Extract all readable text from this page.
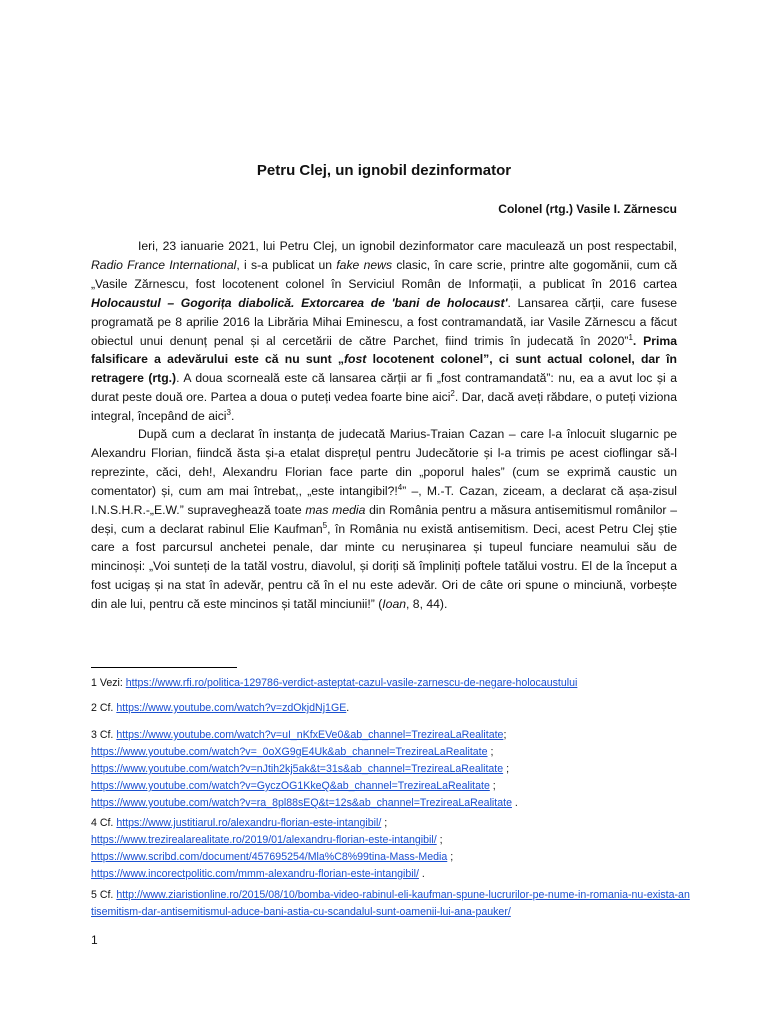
Petru Clej, un ignobil dezinformator
Colonel (rtg.) Vasile I. Zărnescu
Ieri, 23 ianuarie 2021, lui Petru Clej, un ignobil dezinformator care maculează un post respectabil, Radio France International, i s-a publicat un fake news clasic, în care scrie, printre alte gogomănii, cum că „Vasile Zărnescu, fost locotenent colonel în Serviciul Român de Informații, a publicat în 2016 cartea Holocaustul – Gogorița diabolică. Extorcarea de 'bani de holocaust'. Lansarea cărții, care fusese programată pe 8 aprilie 2016 la Librăria Mihai Eminescu, a fost contramandată, iar Vasile Zărnescu a făcut obiectul unui denunț penal și al cercetării de către Parchet, fiind trimis în judecată în 2020”$^1$. Prima falsificare a adevărului este că nu sunt „fost locotenent colonel”, ci sunt actual colonel, dar în retragere (rtg.). A doua scorneală este că lansarea cărții ar fi „fost contramandată”: nu, ea a avut loc și a durat peste două ore. Partea a doua o puteți vedea foarte bine aici$^2$. Dar, dacă aveți răbdare, o puteți viziona integral, începând de aici$^3$.
După cum a declarat în instanța de judecată Marius-Traian Cazan – care l-a înlocuit slugarnic pe Alexandru Florian, fiindcă ăsta și-a etalat disprețul pentru Judecătorie și l-a trimis pe acest cioflingar să-l reprezinte, căci, deh!, Alexandru Florian face parte din „poporul hales” (cum se exprimă caustic un comentator) și, cum am mai întrebat,, „este intangibil?!$^4$” –, M.-T. Cazan, ziceam, a declarat că așa-zisul I.N.S.H.R.-„E.W.” supraveghează toate mas media din România pentru a măsura antisemitismul românilor – deși, cum a declarat rabinul Elie Kaufman$^5$, în România nu există antisemitism. Deci, acest Petru Clej știe care a fost parcursul anchetei penale, dar minte cu nerușinarea și tupeul funciare neamului său de mincinoși: „Voi sunteți de la tatăl vostru, diavolul, și doriți să împliniți poftele tatălui vostru. El de la început a fost ucigaș și na stat în adevăr, pentru că în el nu este adevăr. Ori de câte ori spune o minciună, vorbește din ale lui, pentru că este mincinos și tatăl minciunii!” (Ioan, 8, 44).
1 Vezi: https://www.rfi.ro/politica-129786-verdict-asteptat-cazul-vasile-zarnescu-de-negare-holocaustului
2 Cf. https://www.youtube.com/watch?v=zdOkjdNj1GE.
3 Cf. https://www.youtube.com/watch?v=uI_nKfxEVe0&ab_channel=TrezireaLaRealitate;
https://www.youtube.com/watch?v=_0oXG9gE4Uk&ab_channel=TrezireaLaRealitate ;
https://www.youtube.com/watch?v=nJtih2kj5ak&t=31s&ab_channel=TrezireaLaRealitate ;
https://www.youtube.com/watch?v=GyczOG1KkeQ&ab_channel=TrezireaLaRealitate ;
https://www.youtube.com/watch?v=ra_8pl88sEQ&t=12s&ab_channel=TrezireaLaRealitate .
4 Cf. https://www.justitiarul.ro/alexandru-florian-este-intangibil/ ;
https://www.trezirealarealitate.ro/2019/01/alexandru-florian-este-intangibil/ ;
https://www.scribd.com/document/457695254/Mla%C8%99tina-Mass-Media ;
https://www.incorectpolitic.com/mmm-alexandru-florian-este-intangibil/ .
5 Cf. http://www.ziaristionline.ro/2015/08/10/bomba-video-rabinul-eli-kaufman-spune-lucrurilor-pe-nume-in-romania-nu-exista-antisemitism-dar-antisemitismul-aduce-bani-astia-cu-scandalul-sunt-oamenii-lui-ana-pauker/
1
